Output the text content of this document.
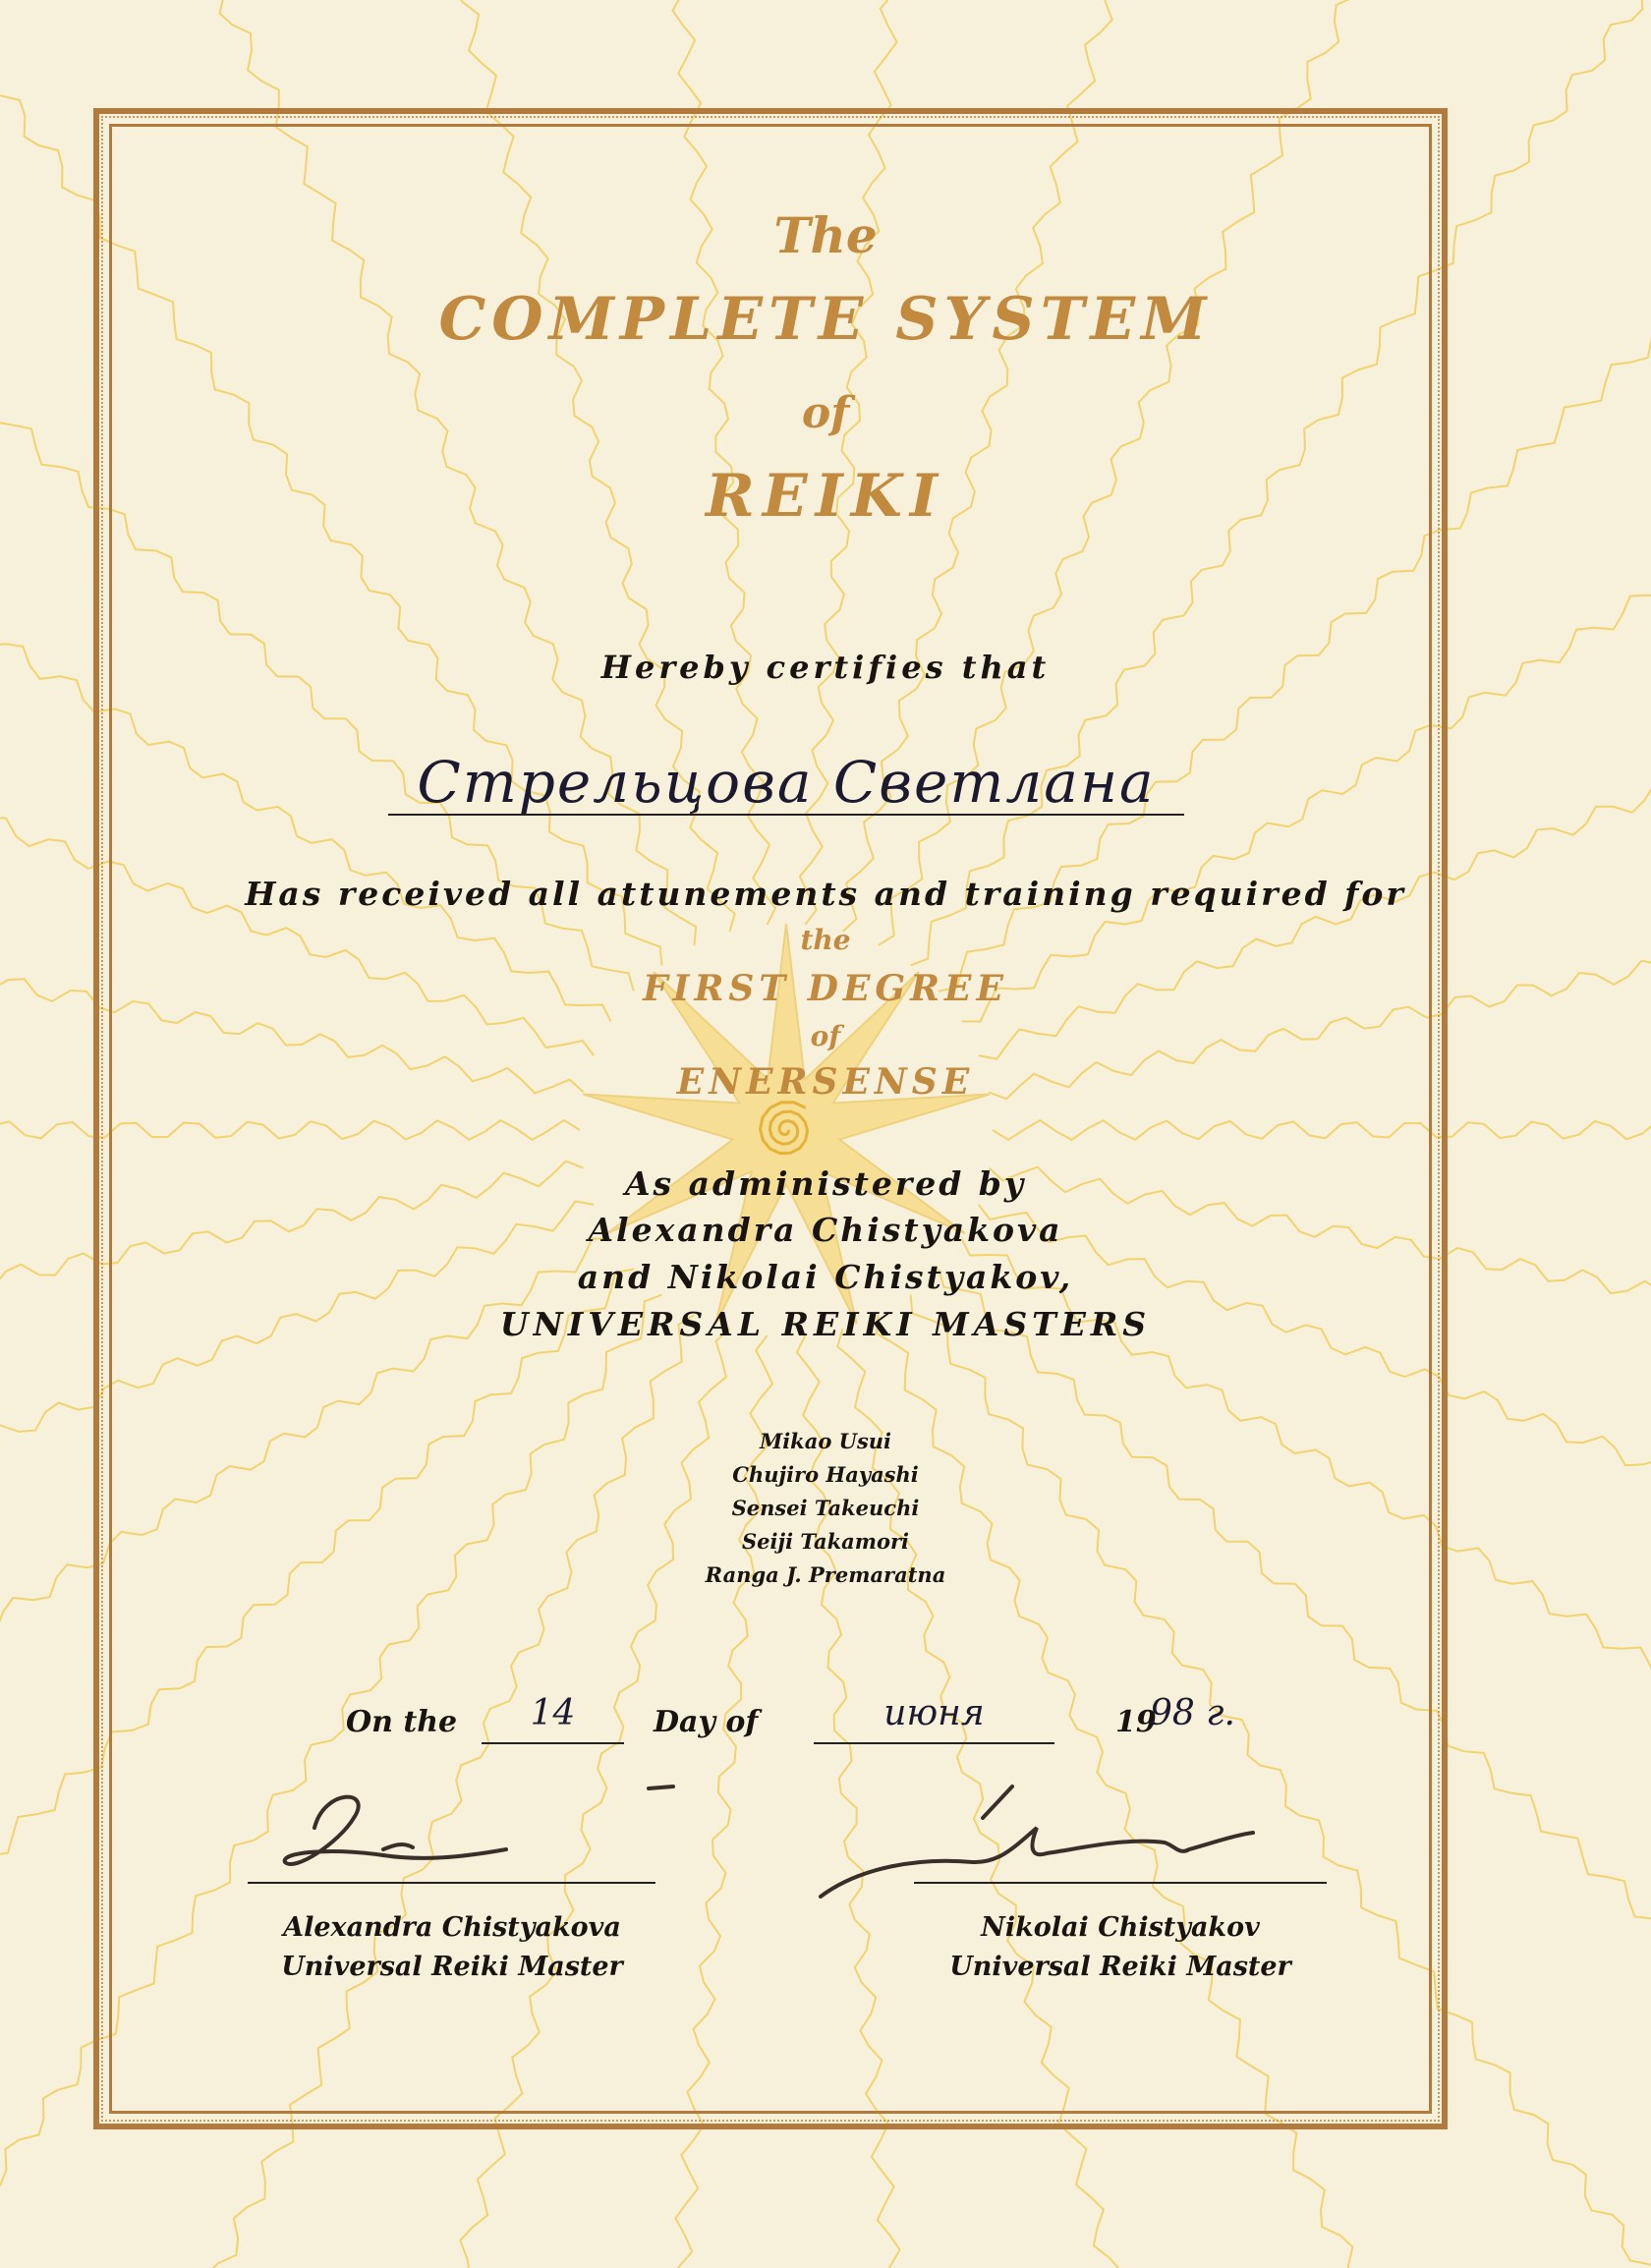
The
COMPLETE SYSTEM
of
REIKI
Hereby certifies that
Стрельцова Светлана
Has received all attunements and training required for
the
FIRST DEGREE
of
ENERSENSE
As administered by
Alexandra Chistyakova
and Nikolai Chistyakov,
UNIVERSAL REIKI MASTERS
Mikao Usui
Chujiro Hayashi
Sensei Takeuchi
Seiji Takamori
Ranga J. Premaratna
On the	14	Day of	июня	19
98 г.
Alexandra Chistyakova
Universal Reiki Master
Nikolai Chistyakov
Universal Reiki Master
